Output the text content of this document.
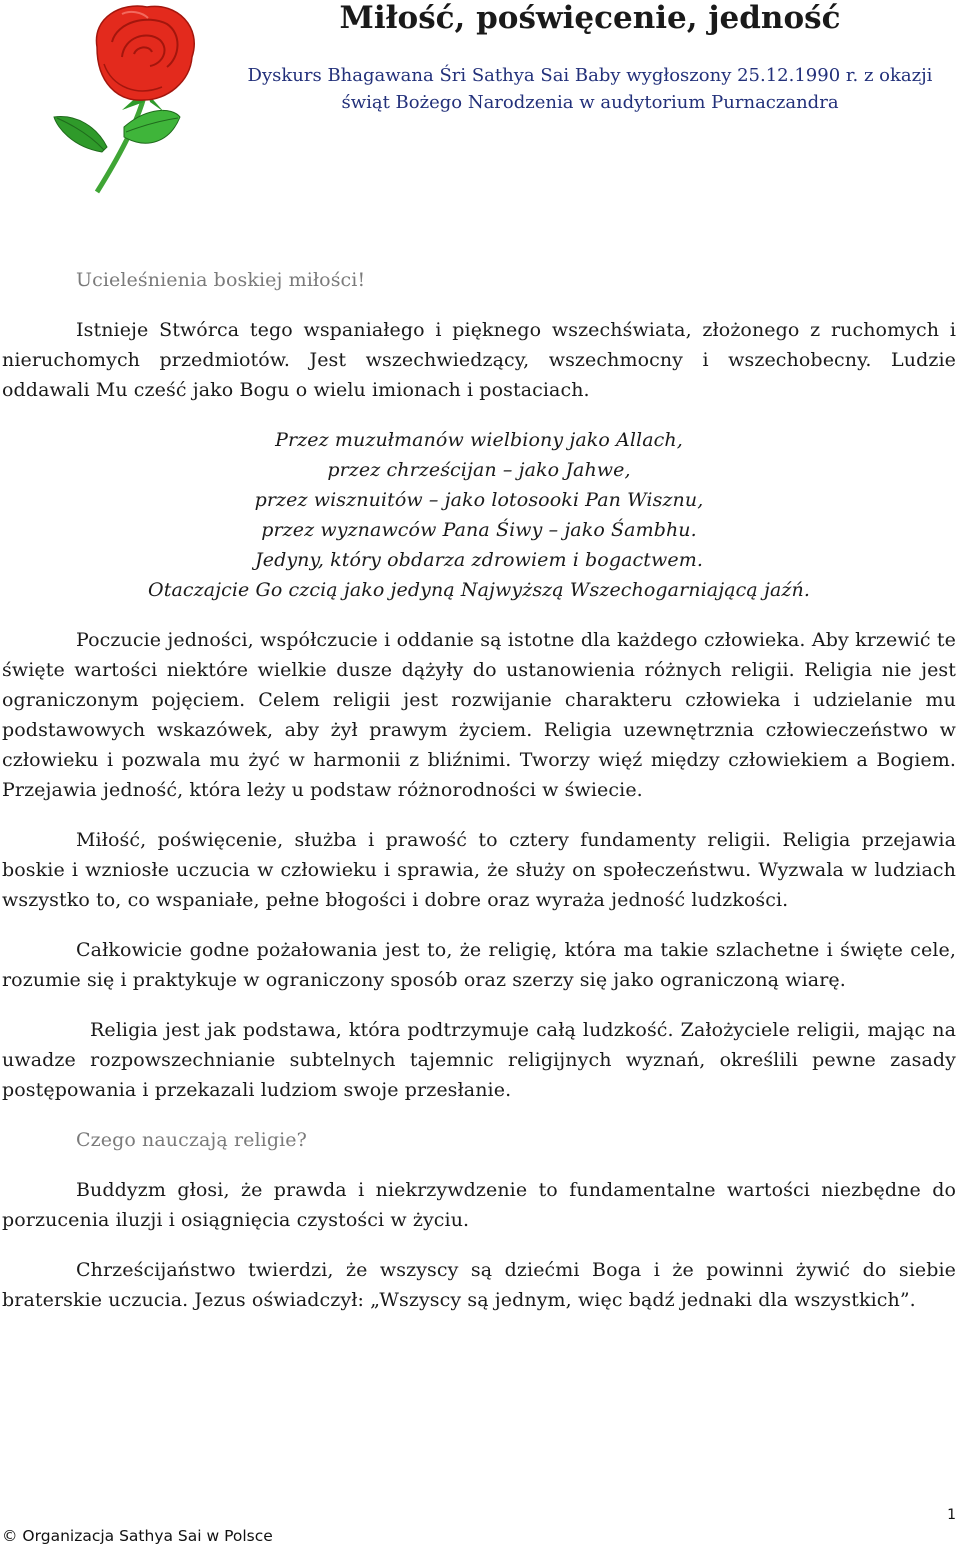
Miłość, poświęcenie, jedność
Dyskurs Bhagawana Śri Sathya Sai Baby wygłoszony 25.12.1990 r. z okazji
świąt Bożego Narodzenia w audytorium Purnaczandra

Ucieleśnienia boskiej miłości!

Istnieje Stwórca tego wspaniałego i pięknego wszechświata, złożonego z ruchomych i nieruchomych przedmiotów. Jest wszechwiedzący, wszechmocny i wszechobecny. Ludzie oddawali Mu cześć jako Bogu o wielu imionach i postaciach.

Przez muzułmanów wielbiony jako Allach,
przez chrześcijan – jako Jahwe,
przez wisznuitów – jako lotosooki Pan Wisznu,
przez wyznawców Pana Śiwy – jako Śambhu.
Jedyny, który obdarza zdrowiem i bogactwem.
Otaczajcie Go czcią jako jedyną Najwyższą Wszechogarniającą jaźń.

Poczucie jedności, współczucie i oddanie są istotne dla każdego człowieka. Aby krzewić te święte wartości niektóre wielkie dusze dążyły do ustanowienia różnych religii. Religia nie jest ograniczonym pojęciem. Celem religii jest rozwijanie charakteru człowieka i udzielanie mu podstawowych wskazówek, aby żył prawym życiem. Religia uzewnętrznia człowieczeństwo w człowieku i pozwala mu żyć w harmonii z bliźnimi. Tworzy więź między człowiekiem a Bogiem. Przejawia jedność, która leży u podstaw różnorodności w świecie.

Miłość, poświęcenie, służba i prawość to cztery fundamenty religii. Religia przejawia boskie i wzniosłe uczucia w człowieku i sprawia, że służy on społeczeństwu. Wyzwala w ludziach wszystko to, co wspaniałe, pełne błogości i dobre oraz wyraża jedność ludzkości.

Całkowicie godne pożałowania jest to, że religię, która ma takie szlachetne i święte cele, rozumie się i praktykuje w ograniczony sposób oraz szerzy się jako ograniczoną wiarę.

Religia jest jak podstawa, która podtrzymuje całą ludzkość. Założyciele religii, mając na uwadze rozpowszechnianie subtelnych tajemnic religijnych wyznań, określili pewne zasady postępowania i przekazali ludziom swoje przesłanie.

Czego nauczają religie?

Buddyzm głosi, że prawda i niekrzywdzenie to fundamentalne wartości niezbędne do porzucenia iluzji i osiągnięcia czystości w życiu.

Chrześcijaństwo twierdzi, że wszyscy są dziećmi Boga i że powinni żywić do siebie braterskie uczucia. Jezus oświadczył: „Wszyscy są jednym, więc bądź jednaki dla wszystkich”.

1
© Organizacja Sathya Sai w Polsce
